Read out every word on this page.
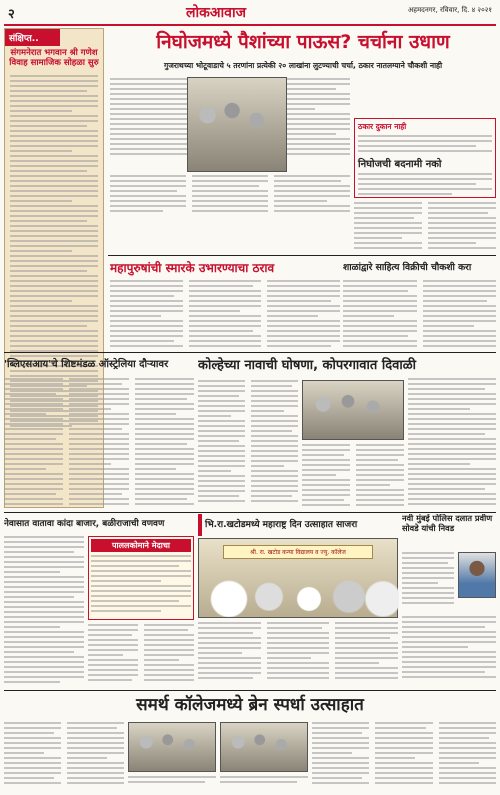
२	लोकआवाज	अहमदनगर, रविवार, दि. ४ २०२१
संक्षिप्त..
संगमनेरात भगवान श्री गणेश विवाह सामाजिक सोहळा सुरु
निघोजमध्ये पैशांच्या पाऊस? चर्चाना उधाण
गुजराथच्या भोटूवाडाचे ५ तरणांना प्रत्येकी २० लाखांना लुटण्याची चर्चा, ठकार नातलग्याने चौकशी नाही
ठकार दुकान नाही
निघोजची बदनामी नको
महापुरुषांची स्मारके उभारण्याचा ठराव	शाळांद्वारे साहित्य विक्रीची चौकशी करा
'ब्लिएसआय'चे शिष्टमंडळ ऑस्ट्रेलिया दौऱ्यावर	कोल्हेच्या नावाची घोषणा, कोपरगावात दिवाळी
नेवासात वातावा कांदा बाजार, बळीराजाची वणवण
पाललकोमाने मेदाचा
भि.रा.खटोडमध्ये महाराष्ट्र दिन उत्साहात साजरा
श्री. रा. खटोड कन्या विद्यालय व ज्यु. कॉलेज
नवी मुंबई पोलिस दलात प्रवीण सोवडे यांची निवड
समर्थ कॉलेजमध्ये ब्रेन स्पर्धा उत्साहात
